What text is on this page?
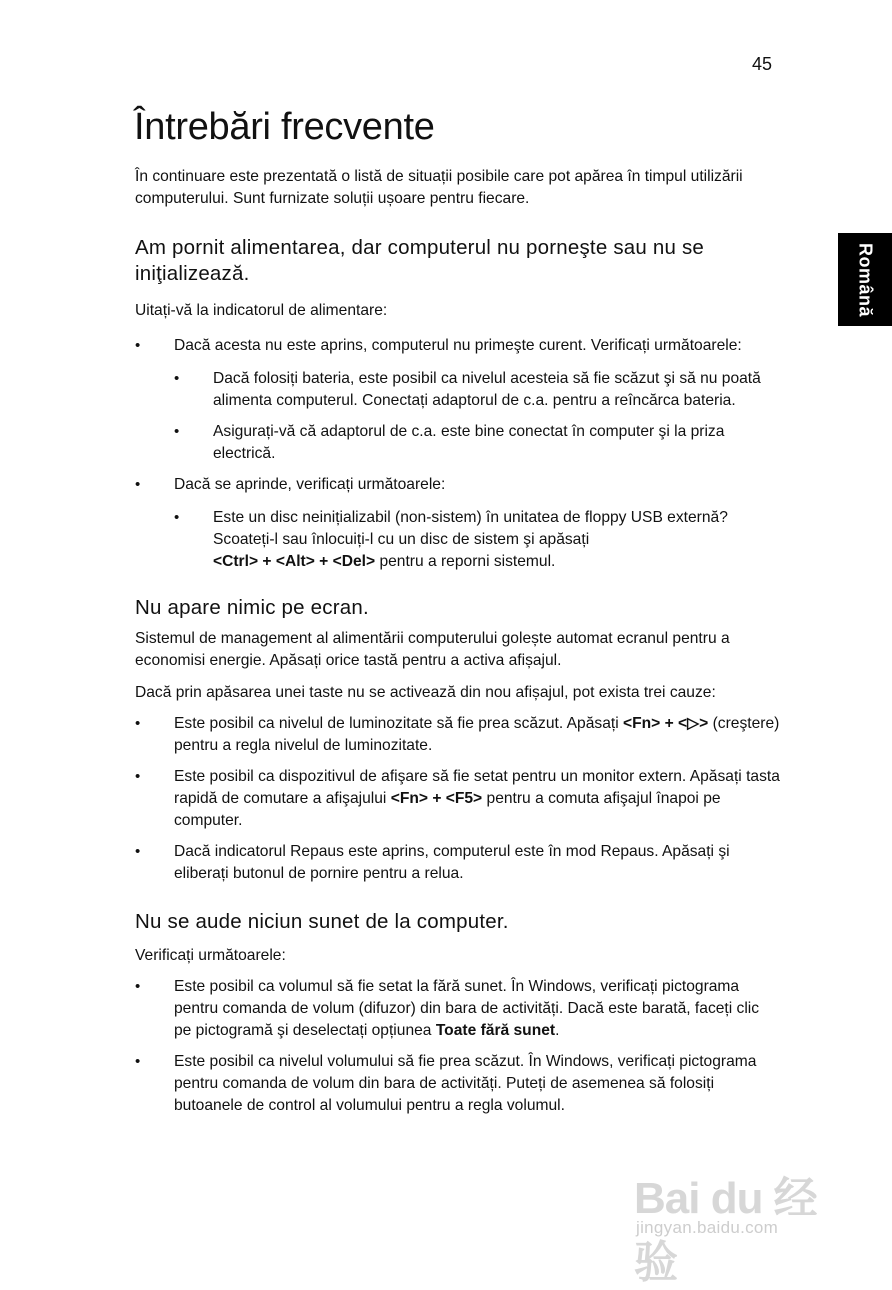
45
Română
Întrebări frecvente

În continuare este prezentată o listă de situații posibile care pot apărea în timpul utilizării computerului. Sunt furnizate soluții ușoare pentru fiecare.

Am pornit alimentarea, dar computerul nu porneşte sau nu se iniţializează.

Uitați-vă la indicatorul de alimentare:

• Dacă acesta nu este aprins, computerul nu primeşte curent. Verificați următoarele:
• Dacă folosiți bateria, este posibil ca nivelul acesteia să fie scăzut şi să nu poată alimenta computerul. Conectați adaptorul de c.a. pentru a reîncărca bateria.
• Asigurați-vă că adaptorul de c.a. este bine conectat în computer şi la priza electrică.
• Dacă se aprinde, verificați următoarele:
• Este un disc neinițializabil (non-sistem) în unitatea de floppy USB externă? Scoateți-l sau înlocuiți-l cu un disc de sistem şi apăsați
<Ctrl> + <Alt> + <Del> pentru a reporni sistemul.
Nu apare nimic pe ecran.

Sistemul de management al alimentării computerului golește automat ecranul pentru a economisi energie. Apăsați orice tastă pentru a activa afișajul.

Dacă prin apăsarea unei taste nu se activează din nou afișajul, pot exista trei cauze:

• Este posibil ca nivelul de luminozitate să fie prea scăzut. Apăsați <Fn> + <▷> (creştere) pentru a regla nivelul de luminozitate.
• Este posibil ca dispozitivul de afişare să fie setat pentru un monitor extern. Apăsați tasta rapidă de comutare a afişajului <Fn> + <F5> pentru a comuta afişajul înapoi pe computer.
• Dacă indicatorul Repaus este aprins, computerul este în mod Repaus. Apăsați şi eliberați butonul de pornire pentru a relua.
Nu se aude niciun sunet de la computer.

Verificați următoarele:

• Este posibil ca volumul să fie setat la fără sunet. În Windows, verificați pictograma pentru comanda de volum (difuzor) din bara de activități. Dacă este barată, faceți clic pe pictogramă şi deselectați opțiunea Toate fără sunet.
• Este posibil ca nivelul volumului să fie prea scăzut. În Windows, verificați pictograma pentru comanda de volum din bara de activități. Puteți de asemenea să folosiți butoanele de control al volumului pentru a regla volumul.
Bai du 经验
jingyan.baidu.com
